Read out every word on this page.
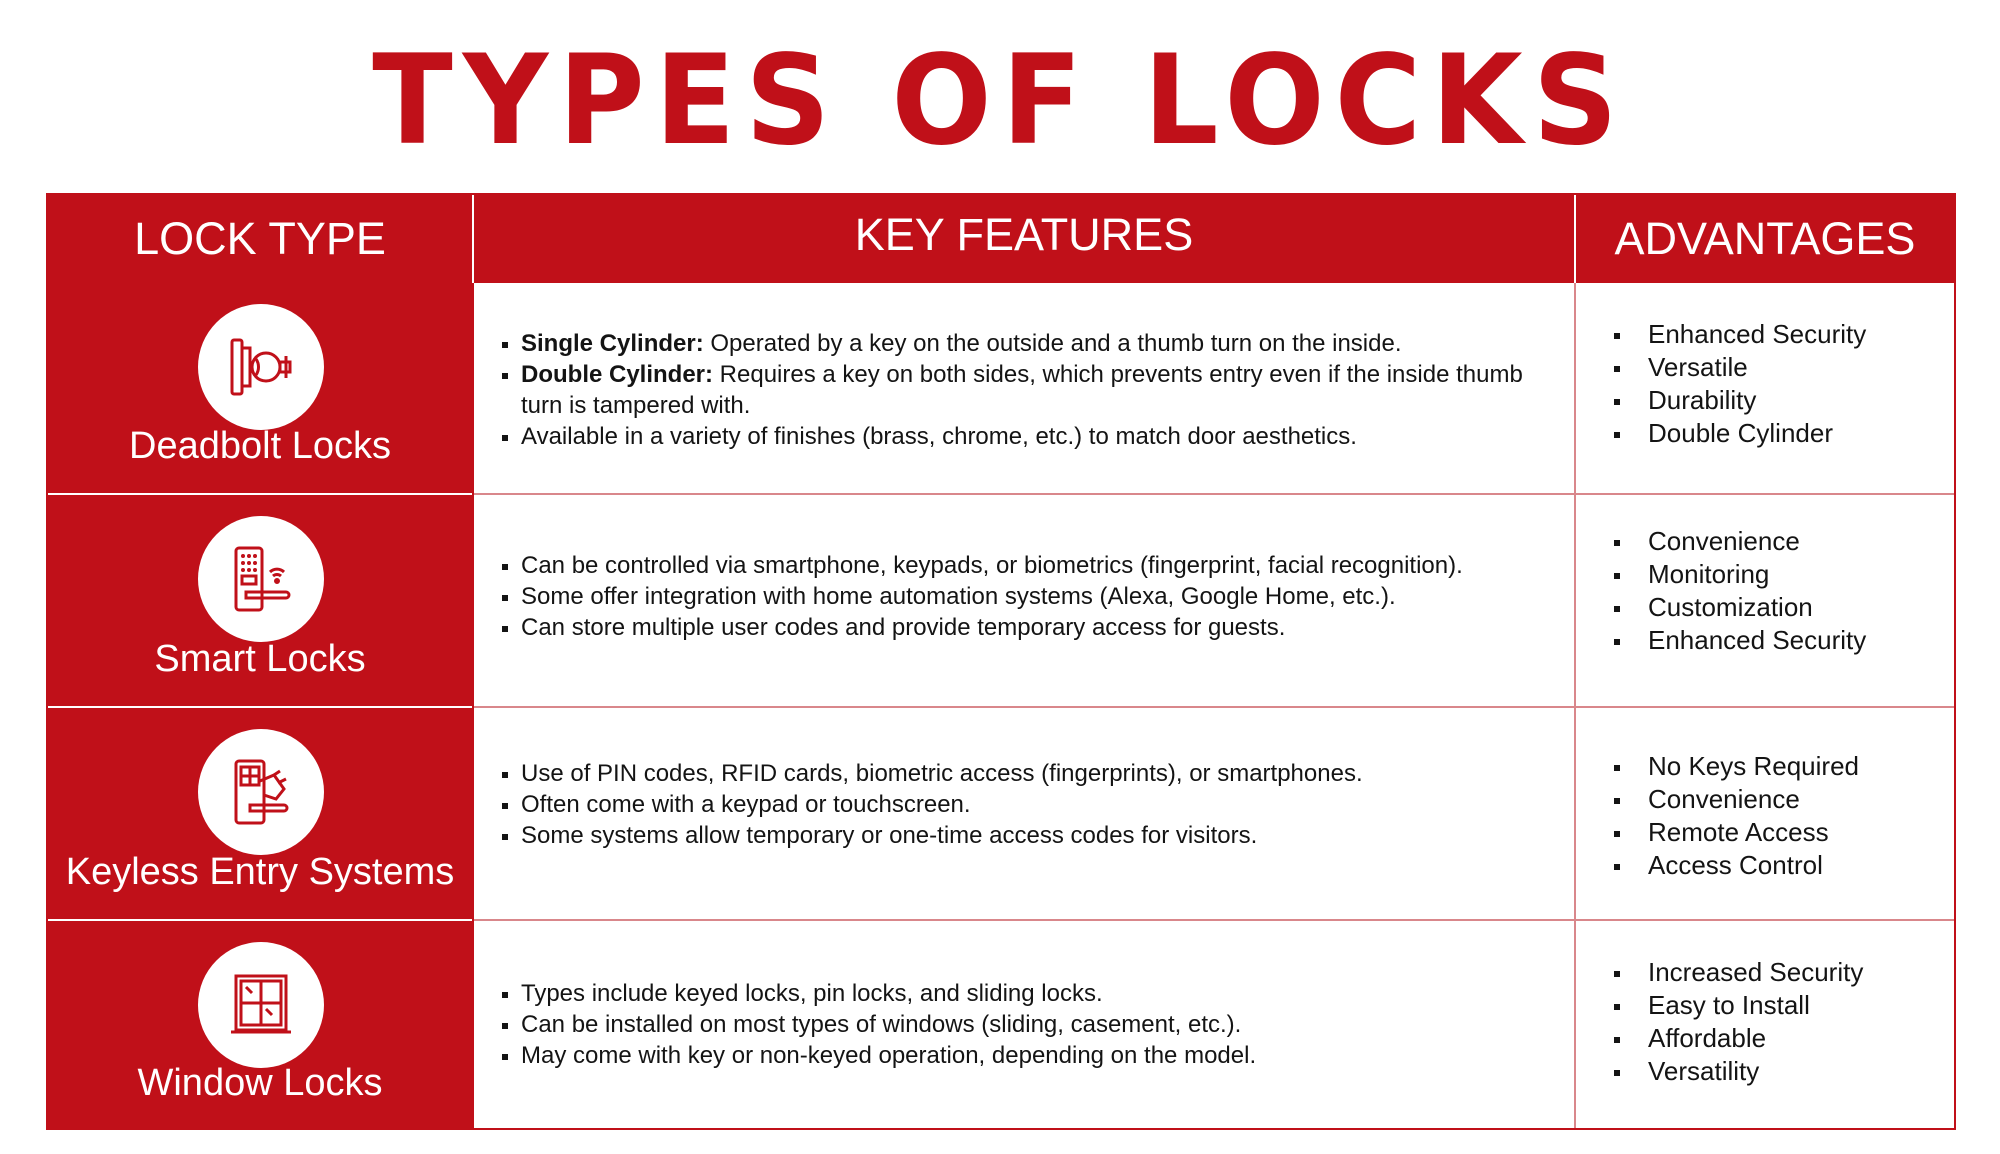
TYPES OF LOCKS
LOCK TYPE	KEY FEATURES	ADVANTAGES
Deadbolt Locks
Single Cylinder: Operated by a key on the outside and a thumb turn on the inside.
Double Cylinder: Requires a key on both sides, which prevents entry even if the inside thumb turn is tampered with.
Available in a variety of finishes (brass, chrome, etc.) to match door aesthetics.
Enhanced Security
Versatile
Durability
Double Cylinder
Smart Locks
Can be controlled via smartphone, keypads, or biometrics (fingerprint, facial recognition).
Some offer integration with home automation systems (Alexa, Google Home, etc.).
Can store multiple user codes and provide temporary access for guests.
Convenience
Monitoring
Customization
Enhanced Security
Keyless Entry Systems
Use of PIN codes, RFID cards, biometric access (fingerprints), or smartphones.
Often come with a keypad or touchscreen.
Some systems allow temporary or one-time access codes for visitors.
No Keys Required
Convenience
Remote Access
Access Control
Window Locks
Types include keyed locks, pin locks, and sliding locks.
Can be installed on most types of windows (sliding, casement, etc.).
May come with key or non-keyed operation, depending on the model.
Increased Security
Easy to Install
Affordable
Versatility
